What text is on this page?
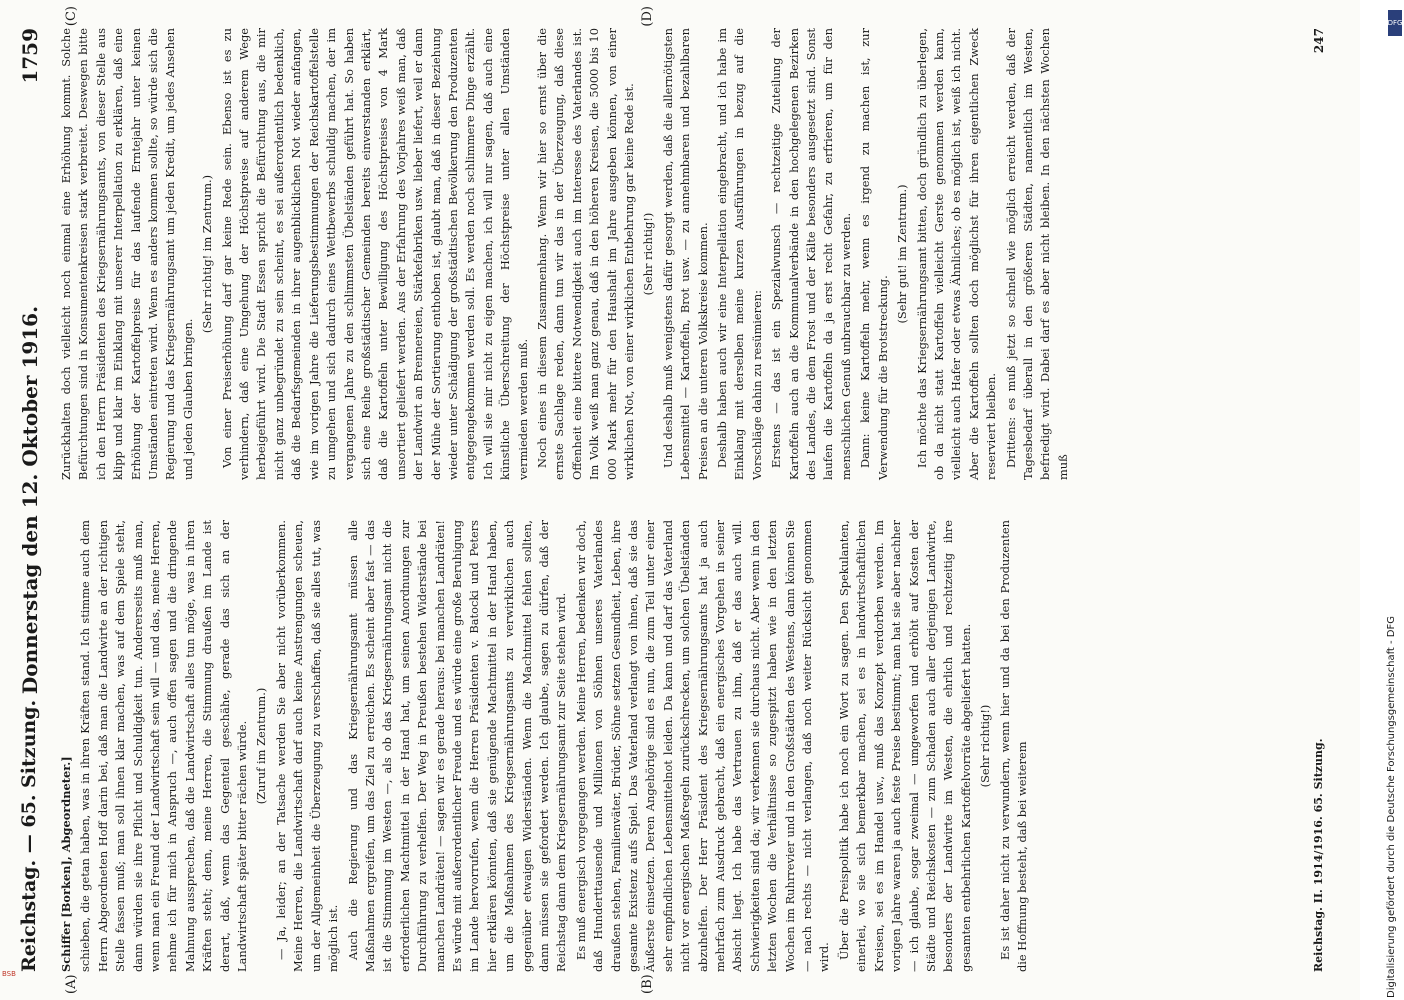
Reichstag. — 65. Sitzung.
Donnerstag den 12. Oktober 1916.
1759
(A)	(B)
(C)	(D)

Schiffer [Borken], Abgeordneter.] schieben, die getan haben, was in ihren Kräften stand. Ich stimme auch dem Herrn Abgeordneten Hoff darin bei, daß man die Landwirte an der richtigen Stelle fassen muß; man soll ihnen klar machen, was auf dem Spiele steht, dann würden sie ihre Pflicht und Schuldigkeit tun. Andererseits muß man, wenn man ein Freund der Landwirtschaft sein will — und das, meine Herren, nehme ich für mich in Anspruch —, auch offen sagen und die dringende Mahnung aussprechen, daß die Landwirtschaft alles tun möge, was in ihren Kräften steht; denn, meine Herren, die Stimmung draußen im Lande ist derart, daß, wenn das Gegenteil geschähe, gerade das sich an der Landwirtschaft später bitter rächen würde. (Zuruf im Zentrum.) — Ja, leider; an der Tatsache werden Sie aber nicht vorüberkommen. Meine Herren, die Landwirtschaft darf auch keine Anstrengungen scheuen, um der Allgemeinheit die Überzeugung zu verschaffen, daß sie alles tut, was möglich ist. Auch die Regierung und das Kriegsernährungsamt müssen alle Maßnahmen ergreifen, um das Ziel zu erreichen. Es scheint aber fast — das ist die Stimmung im Westen —, als ob das Kriegsernährungsamt nicht die erforderlichen Machtmittel in der Hand hat, um seinen Anordnungen zur Durchführung zu verhelfen. Der Weg in Preußen bestehen Widerstände bei manchen Landräten! — sagen wir es gerade heraus: bei manchen Landräten! Es würde mit außerordentlicher Freude und es würde eine große Beruhigung im Lande hervorrufen, wenn die Herren Präsidenten v. Batocki und Peters hier erklären könnten, daß sie genügende Machtmittel in der Hand haben, um die Maßnahmen des Kriegsernährungsamts zu verwirklichen auch gegenüber etwaigen Widerständen. Wenn die Machtmittel fehlen sollten, dann müssen sie gefordert werden. Ich glaube, sagen zu dürfen, daß der Reichstag dann dem Kriegsernährungsamt zur Seite stehen wird. Es muß energisch vorgegangen werden. Meine Herren, bedenken wir doch, daß Hunderttausende und Millionen von Söhnen unseres Vaterlandes draußen stehen, Familienväter, Brüder, Söhne setzen Gesundheit, Leben, ihre gesamte Existenz aufs Spiel. Das Vaterland verlangt von ihnen, daß sie das Äußerste einsetzen. Deren Angehörige sind es nun, die zum Teil unter einer sehr empfindlichen Lebensmittelnot leiden. Da kann und darf das Vaterland nicht vor energischen Maßregeln zurückschrecken, um solchen Übelständen abzuhelfen. Der Herr Präsident des Kriegsernährungsamts hat ja auch mehrfach zum Ausdruck gebracht, daß ein energisches Vorgehen in seiner Absicht liegt. Ich habe das Vertrauen zu ihm, daß er das auch will. Schwierigkeiten sind da; wir verkennen sie durchaus nicht. Aber wenn in den letzten Wochen die Verhältnisse so zugespitzt haben wie in den letzten Wochen im Ruhrrevier und in den Großstädten des Westens, dann können Sie — nach rechts — nicht verlangen, daß noch weiter Rücksicht genommen wird. Über die Preispolitik habe ich noch ein Wort zu sagen. Den Spekulanten, einerlei, wo sie sich bemerkbar machen, sei es in landwirtschaftlichen Kreisen, sei es im Handel usw., muß das Konzept verdorben werden. Im vorigen Jahre waren ja auch feste Preise bestimmt; man hat sie aber nachher — ich glaube, sogar zweimal — umgeworfen und erhöht auf Kosten der Städte und Reichskosten — zum Schaden auch aller derjenigen Landwirte, besonders der Landwirte im Westen, die ehrlich und rechtzeitig ihre gesamten entbehrlichen Kartoffelvorräte abgeliefert hatten. (Sehr richtig!) Es ist daher nicht zu verwundern, wenn hier und da bei den Produzenten die Hoffnung besteht, daß bei weiterem

Zurückhalten doch vielleicht noch einmal eine Erhöhung kommt. Solche Befürchtungen sind in Konsumentenkreisen stark verbreitet. Deswegen bitte ich den Herrn Präsidenten des Kriegsernährungsamts, von dieser Stelle aus klipp und klar im Einklang mit unserer Interpellation zu erklären, daß eine Erhöhung der Kartoffelpreise für das laufende Erntejahr unter keinen Umständen eintreten wird. Wenn es anders kommen sollte, so würde sich die Regierung und das Kriegsernährungsamt um jeden Kredit, um jedes Ansehen und jeden Glauben bringen.

(Sehr richtig! im Zentrum.) Von einer Preiserhöhung darf gar keine Rede sein. Ebenso ist es zu verhindern, daß eine Umgehung der Höchstpreise auf anderem Wege herbeigeführt wird. Die Stadt Essen spricht die Befürchtung aus, die mir nicht ganz unbegründet zu sein scheint, es sei außerordentlich bedenklich, daß die Bedarfsgemeinden in ihrer augenblicklichen Not wieder anfangen, wie im vorigen Jahre die Lieferungsbestimmungen der Reichskartoffelstelle zu umgehen und sich dadurch eines Wettbewerbs schuldig machen, der im vergangenen Jahre zu den schlimmsten Übelständen geführt hat. So haben sich eine Reihe großstädtischer Gemeinden bereits einverstanden erklärt, daß die Kartoffeln unter Bewilligung des Höchstpreises von 4 Mark unsortiert geliefert werden. Aus der Erfahrung des Vorjahres weiß man, daß der Landwirt an Brennereien, Stärkefabriken usw. lieber liefert, weil er dann der Mühe der Sortierung enthoben ist, glaubt man, daß in dieser Beziehung wieder unter Schädigung der großstädtischen Bevölkerung den Produzenten entgegengekommen werden soll. Es werden noch schlimmere Dinge erzählt. Ich will sie mir nicht zu eigen machen, ich will nur sagen, daß auch eine künstliche Überschreitung der Höchstpreise unter allen Umständen vermieden werden muß. Noch eines in diesem Zusammenhang. Wenn wir hier so ernst über die ernste Sachlage reden, dann tun wir das in der Überzeugung, daß diese Offenheit eine bittere Notwendigkeit auch im Interesse des Vaterlandes ist. Im Volk weiß man ganz genau, daß in den höheren Kreisen, die 5000 bis 10 000 Mark mehr für den Haushalt im Jahre ausgeben können, von einer wirklichen Not, von einer wirklichen Entbehrung gar keine Rede ist. (Sehr richtig!) Und deshalb muß wenigstens dafür gesorgt werden, daß die allernötigsten Lebensmittel — Kartoffeln, Brot usw. — zu annehmbaren und bezahlbaren Preisen an die unteren Volkskreise kommen. Deshalb haben auch wir eine Interpellation eingebracht, und ich habe im Einklang mit derselben meine kurzen Ausführungen in bezug auf die Vorschläge dahin zu resümieren: Erstens — das ist ein Spezialwunsch — rechtzeitige Zuteilung der Kartoffeln auch an die Kommunalverbände in den hochgelegenen Bezirken des Landes, die dem Frost und der Kälte besonders ausgesetzt sind. Sonst laufen die Kartoffeln da ja erst recht Gefahr, zu erfrieren, um für den menschlichen Genuß unbrauchbar zu werden. Dann: keine Kartoffeln mehr, wenn es irgend zu machen ist, zur Verwendung für die Brotstreckung.

(Sehr gut! im Zentrum.) Ich möchte das Kriegsernährungsamt bitten, doch gründlich zu überlegen, ob da nicht statt Kartoffeln vielleicht Gerste genommen werden kann, vielleicht auch Hafer oder etwas Ähnliches; ob es möglich ist, weiß ich nicht. Aber die Kartoffeln sollten doch möglichst für ihren eigentlichen Zweck reserviert bleiben. Drittens: es muß jetzt so schnell wie möglich erreicht werden, daß der Tagesbedarf überall in den größeren Städten, namentlich im Westen, befriedigt wird. Dabei darf es aber nicht bleiben. In den nächsten Wochen muß

Reichstag. II. 1914/1916. 65. Sitzung.
247
Digitalisierung gefördert durch die Deutsche Forschungsgemeinschaft - DFG
DFG
BSB
